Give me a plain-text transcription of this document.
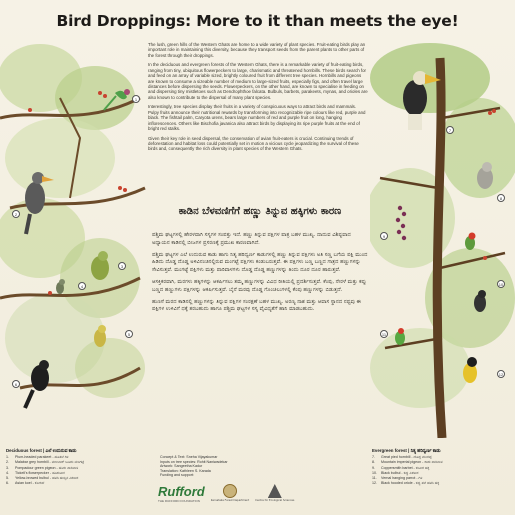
Bird Droppings: More to it than meets the eye!
1
2
3
4
5
6
7
8
9
10
11
12

The lush, green hills of the Western Ghats are home to a wide variety of plant species. Fruit-eating birds play an important role in maintaining this diversity, because they transport seeds from the parent plants to other parts of the forest through their droppings.

In the deciduous and evergreen forests of the Western Ghats, there is a remarkable variety of fruit-eating birds, ranging from tiny, ubiquitous flowerpeckers to large, charismatic and threatened hornbills. These birds search for and feed on an array of variable sized, brightly coloured fruit from different tree species. Hornbills and pigeons are known to consume a sizeable number of medium to large-sized fruits, especially figs, and often travel large distances before dispersing the seeds. Flowerpeckers, on the other hand, are known to specialise in feeding on and dispersing tiny mistletoes such as Dendrophthoe falcata. Bulbuls, barbets, parakeets, mynas, and orioles are also known to contribute to the dispersal of many plant species.

Interestingly, tree species display their fruits in a variety of conspicuous ways to attract birds and mammals. Pulpy fruits announce their nutritional rewards by transforming into recognizable ripe colours like red, purple and black. The fishtail palm, Caryota urens, bears large numbers of red and purple fruit on long, hanging inflorescences. Others like Bischofia javanica also attract birds by displaying its ripe purple fruits at the end of bright red stalks.

Given their key role in seed dispersal, the conservation of avian fruit-eaters is crucial. Continuing trends of deforestation and habitat loss could potentially set in motion a vicious cycle jeopardizing the survival of these birds and, consequently the rich diversity in plant species of the Western Ghats.

ಕಾಡಿನ ಬೆಳವಣಿಗೆಗೆ ಹಣ್ಣು ತಿನ್ನುವ ಹಕ್ಕಿಗಳು ಕಾರಣ

ಪಶ್ಚಿಮ ಘಟ್ಟಗಳಲ್ಲಿ ಹೇರಳವಾಗಿ ಸಸ್ಯಗಳ ಸಂಪತ್ತು ಇದೆ. ಹಣ್ಣು ತಿನ್ನುವ ಪಕ್ಷಿಗಳ ಪಾತ್ರ ಬಹಳ ಮುಖ್ಯ. ದಾದುವ ವಿಶಿಷ್ಟವಾದ ಅಧ್ಯಾಯನ ಕಾಡಿನಲ್ಲಿ ಬೀಜಗಳ ಪ್ರಸರಣಕ್ಕೆ ಪ್ರಮುಖ ಕಾರಣವಾಗಿದೆ.

ಪಶ್ಚಿಮ ಘಟ್ಟಗಳ ಎಲೆ ಉದುರುವ ಕಾಡು ಹಾಗು ನಿತ್ಯ ಹರಿದ್ವರ್ಣ ಕಾಡುಗಳಲ್ಲಿ ಹಣ್ಣು ತಿನ್ನುವ ಪಕ್ಷಿಗಳು ಅತಿ ಸಣ್ಣ ಬಗೆಯ ಪಕ್ಷಿ ಮುಂದ ಹಿಡಿದು ದೊಡ್ಡ ದೊಡ್ಡ ಅಳಿವಿನಂಚಿನಲ್ಲಿರುವ ಮಂಗಟ್ಟೆ ಪಕ್ಷಿಗಳು ಕಂಡುಬರುತ್ತವೆ. ಈ ಪಕ್ಷಿಗಳು ಬಣ್ಣ ಬಣ್ಣದ ಗಾತ್ರದ ಹಣ್ಣುಗಳನ್ನು ಸೇವಿಸುತ್ತವೆ. ಮಂಗಟ್ಟೆ ಪಕ್ಷಿಗಳು ಮತ್ತು ಪಾರಿವಾಳಗಳು ದೊಡ್ಡ ದೊಡ್ಡ ಹಣ್ಣುಗಳನ್ನು ತಿಂದು ದೂರ ದೂರ ಹಾರುತ್ತವೆ.

ಆಸಕ್ತಿಕರವಾಗಿ, ಮರಗಳು ಹಕ್ಕಿಗಳನ್ನು ಆಕರ್ಷಿಸಲು ತಮ್ಮ ಹಣ್ಣುಗಳನ್ನು ವಿವಿಧ ರೀತಿಯಲ್ಲಿ ಪ್ರದರ್ಶಿಸುತ್ತವೆ. ಕೆಂಪು, ನೇರಳೆ ಮತ್ತು ಕಪ್ಪು ಬಣ್ಣದ ಹಣ್ಣುಗಳು ಪಕ್ಷಿಗಳನ್ನು ಆಕರ್ಷಿಸುತ್ತವೆ. ಬೈನೆ ಮರವು ದೊಡ್ಡ ಗೊಂಚಲುಗಳಲ್ಲಿ ಕೆಂಪು ಹಣ್ಣುಗಳನ್ನು ಬಿಡುತ್ತದೆ.

ಹುಣಸೆ ಮರದ ಕಾಡಿನಲ್ಲಿ ಹಣ್ಣುಗಳನ್ನು ತಿನ್ನುವ ಪಕ್ಷಿಗಳ ಸಂರಕ್ಷಣೆ ಬಹಳ ಮುಖ್ಯ. ಅರಣ್ಯ ನಾಶ ಮತ್ತು ಆವಾಸ ಸ್ಥಾನದ ನಷ್ಟವು ಈ ಪಕ್ಷಿಗಳ ಉಳಿವಿಗೆ ಧಕ್ಕೆ ತರಬಹುದು ಹಾಗೂ ಪಶ್ಚಿಮ ಘಟ್ಟಗಳ ಸಸ್ಯ ವೈವಿಧ್ಯತೆಗೆ ಹಾನಿ ಮಾಡಬಹುದು.

Deciduous forest | ಎಲೆ ಉದುರುವ ಕಾಡು
1.	Plum-headed parakeet - ಹೂತಲೆ ಗಿಳಿ
2.	Malabar grey hornbill - ಮಲಬಾರ್ ಬೂದು ಮಂಗಟ್ಟೆ
3.	Pompadour green pigeon - ಹಸಿರು ಪಾರಿವಾಳ
4.	Tickell's flowerpecker - ಹೂಕುಟುಕ
5.	Yellow-browed bulbul - ಹಳದಿ ಹುಬ್ಬಿನ ಪಿಕಳಾರ
6.	Asian koel - ಕೋಗಿಲೆ
Evergreen forest | ನಿತ್ಯ ಹರಿದ್ವರ್ಣ ಕಾಡು
7.	Great pied hornbill - ದೊಡ್ಡ ಮಂಗಟ್ಟೆ
8.	Mountain imperial pigeon - ಕಾಡು ಪಾರಿವಾಳ
9.	Coppersmith barbet - ಕುಟುರ ಹಕ್ಕಿ
10. Black bulbul - ಕಪ್ಪು ಪಿಕಳಾರ
11.	Vernal hanging parrot - ಗಿಳಿ
12. Black hooded oriole - ಕಪ್ಪು ತಲೆ ಹಳದಿ ಹಕ್ಕಿ
Concept & Text: Sneha Vijayakumar
Inputs on tree species: Rohit Naniwadekar
Artwork: Sangeetha Kadur
Translation: Kathleen S. Karada
Funding and support:
Rufford
THE RUFFORD FOUNDATION	Karnataka Forest Department Centre for Ecological Sciences
